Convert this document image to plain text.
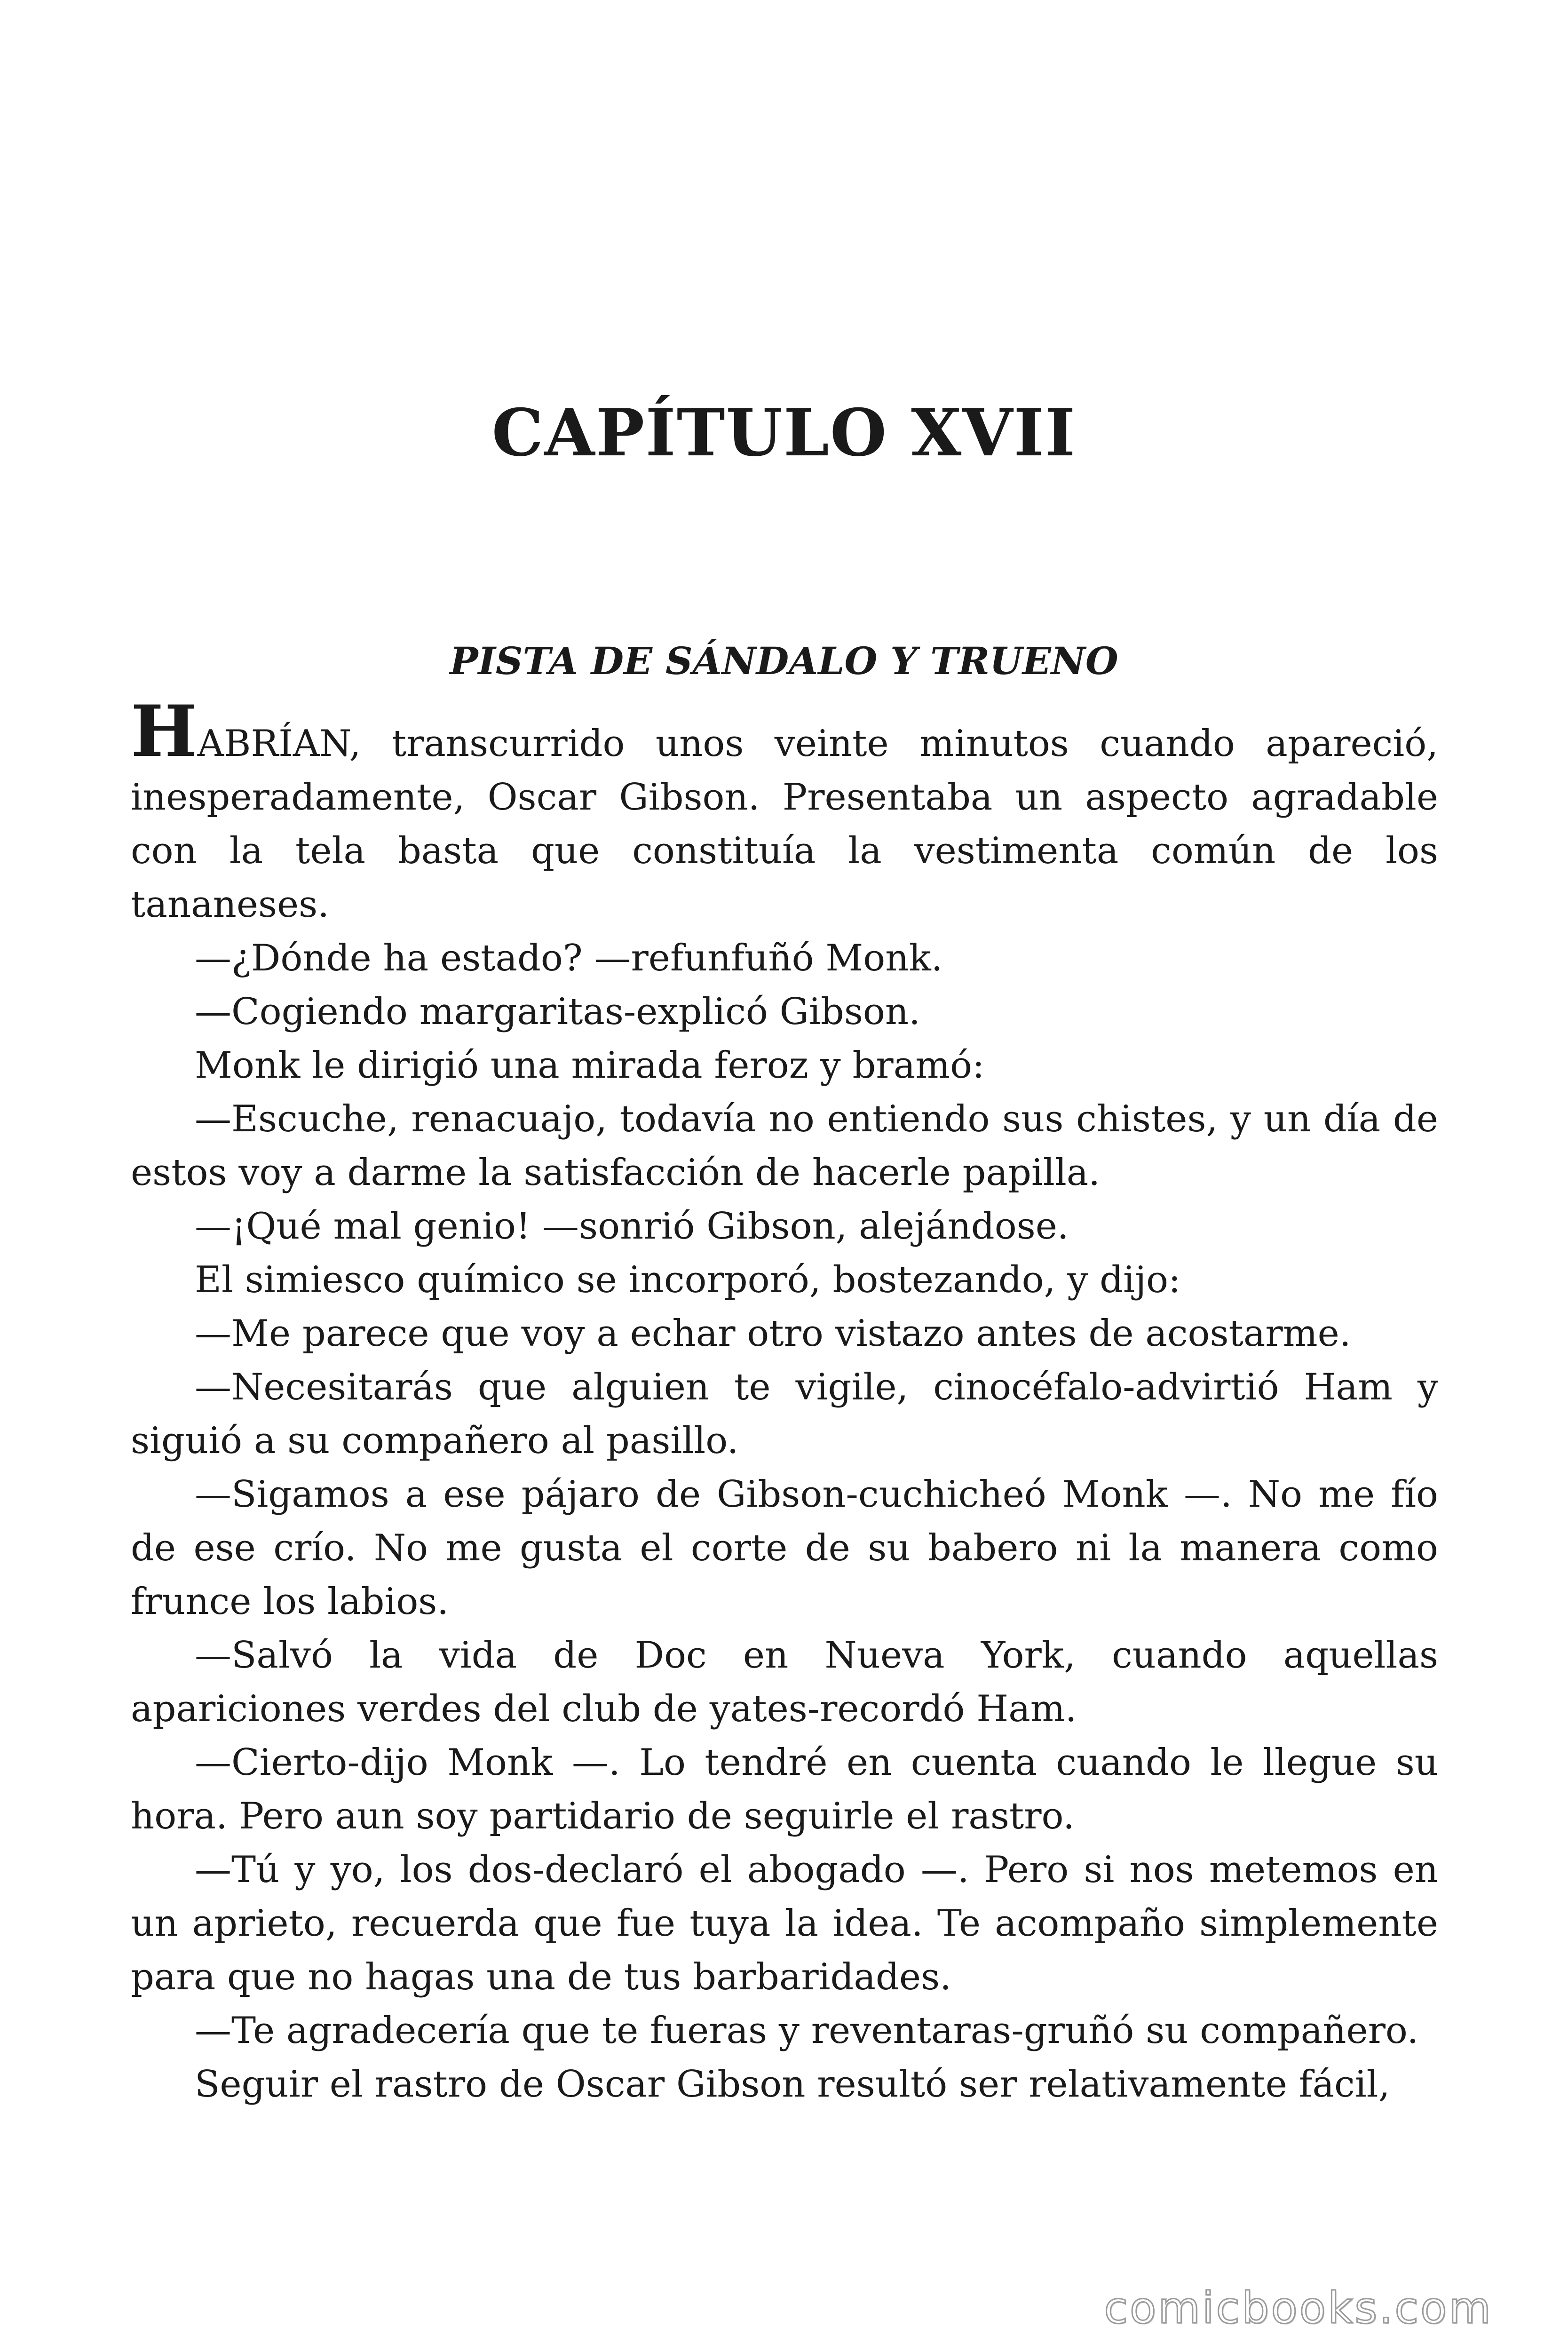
CAPÍTULO XVII
PISTA DE SÁNDALO Y TRUENO

HABRÍAN, transcurrido unos veinte minutos cuando apareció, inesperadamente, Oscar Gibson. Presentaba un aspecto agradable con la tela basta que constituía la vestimenta común de los tananeses.

—¿Dónde ha estado? —refunfuñó Monk.

—Cogiendo margaritas-explicó Gibson.

Monk le dirigió una mirada feroz y bramó:

—Escuche, renacuajo, todavía no entiendo sus chistes, y un día de estos voy a darme la satisfacción de hacerle papilla.

—¡Qué mal genio! —sonrió Gibson, alejándose.

El simiesco químico se incorporó, bostezando, y dijo:

—Me parece que voy a echar otro vistazo antes de acostarme.

—Necesitarás que alguien te vigile, cinocéfalo-advirtió Ham y siguió a su compañero al pasillo.

—Sigamos a ese pájaro de Gibson-cuchicheó Monk —. No me fío de ese crío. No me gusta el corte de su babero ni la manera como frunce los labios.

—Salvó la vida de Doc en Nueva York, cuando aquellas apariciones verdes del club de yates-recordó Ham.

—Cierto-dijo Monk —. Lo tendré en cuenta cuando le llegue su hora. Pero aun soy partidario de seguirle el rastro.

—Tú y yo, los dos-declaró el abogado —. Pero si nos metemos en un aprieto, recuerda que fue tuya la idea. Te acompaño simplemente para que no hagas una de tus barbaridades.

—Te agradecería que te fueras y reventaras-gruñó su compañero.

Seguir el rastro de Oscar Gibson resultó ser relativamente fácil,

comicbooks.com
